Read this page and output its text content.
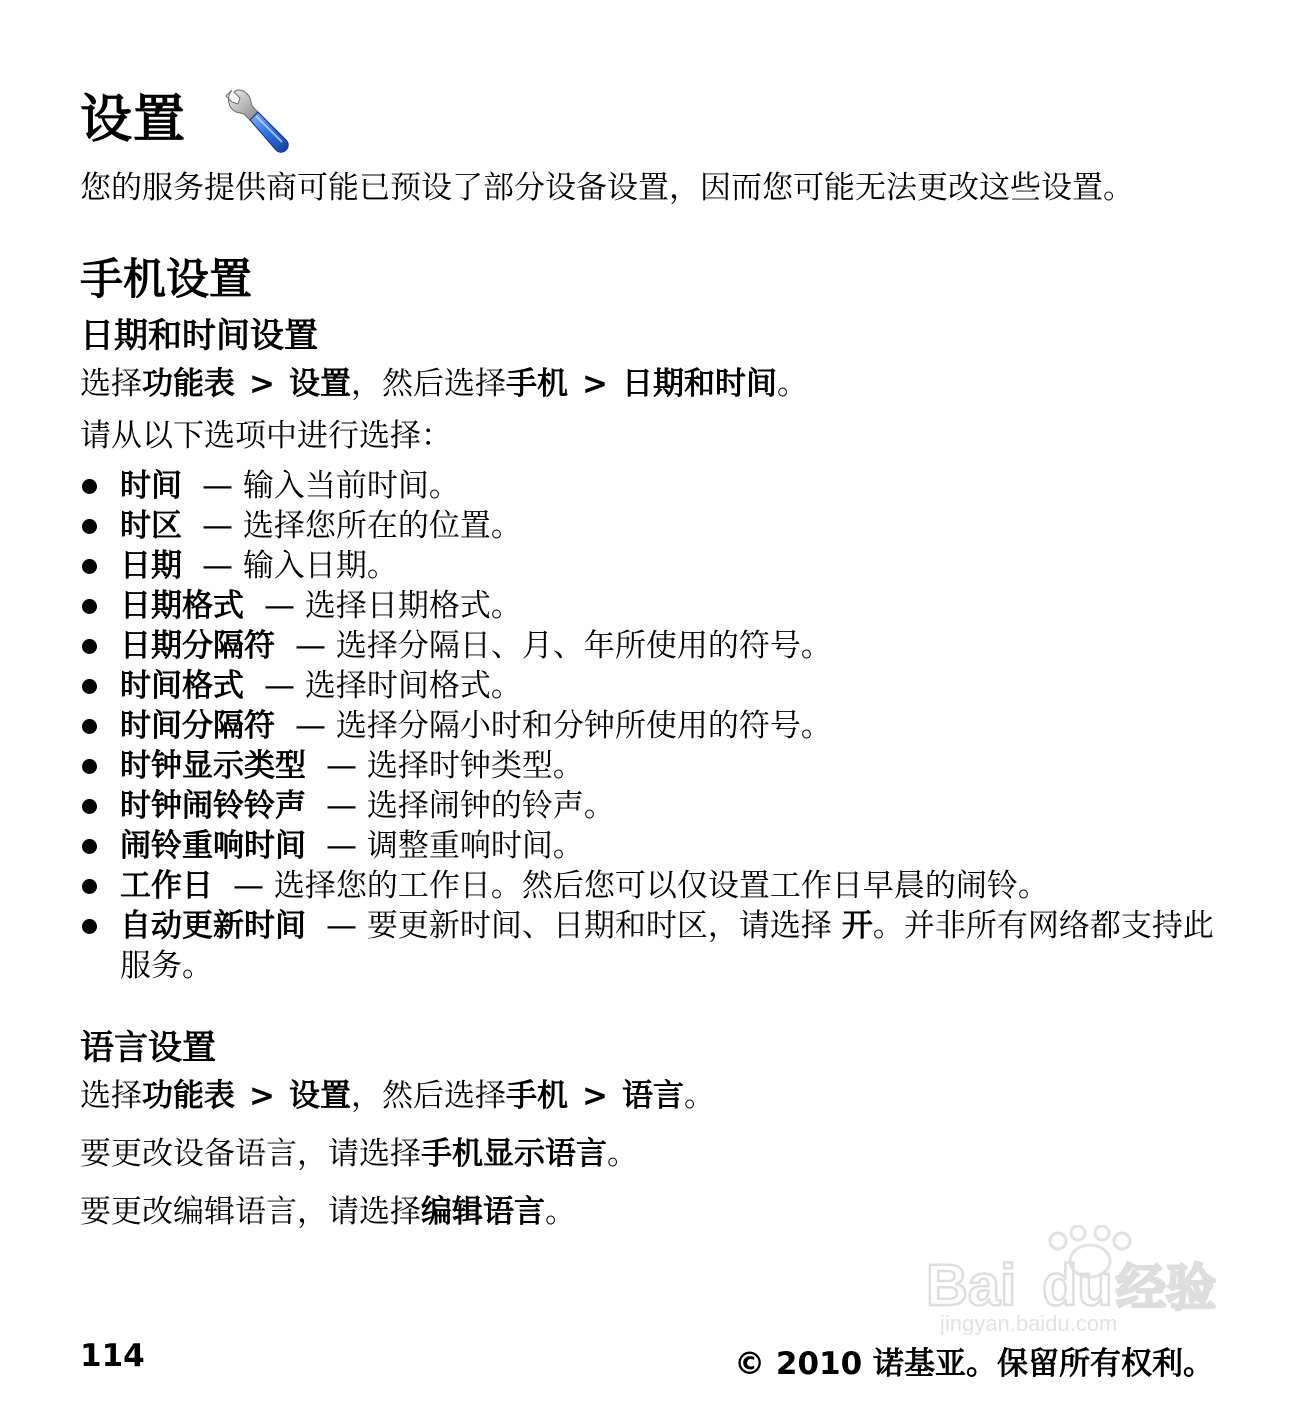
设置
您的服务提供商可能已预设了部分设备设置，因而您可能无法更改这些设置。
手机设置
日期和时间设置
选择功能表 > 设置，然后选择手机 > 日期和时间。
请从以下选项中进行选择：
时间 — 输入当前时间。
时区 — 选择您所在的位置。
日期 — 输入日期。
日期格式 — 选择日期格式。
日期分隔符 — 选择分隔日、月、年所使用的符号。
时间格式 — 选择时间格式。
时间分隔符 — 选择分隔小时和分钟所使用的符号。
时钟显示类型 — 选择时钟类型。
时钟闹铃铃声 — 选择闹钟的铃声。
闹铃重响时间 — 调整重响时间。
工作日 — 选择您的工作日。然后您可以仅设置工作日早晨的闹铃。
自动更新时间 — 要更新时间、日期和时区，请选择 开。并非所有网络都支持此服务。
语言设置
选择功能表 > 设置，然后选择手机 > 语言。
要更改设备语言，请选择手机显示语言。
要更改编辑语言，请选择编辑语言。
Bai du 经验
jingyan.baidu.com
114	© 2010 诺基亚。保留所有权利。
